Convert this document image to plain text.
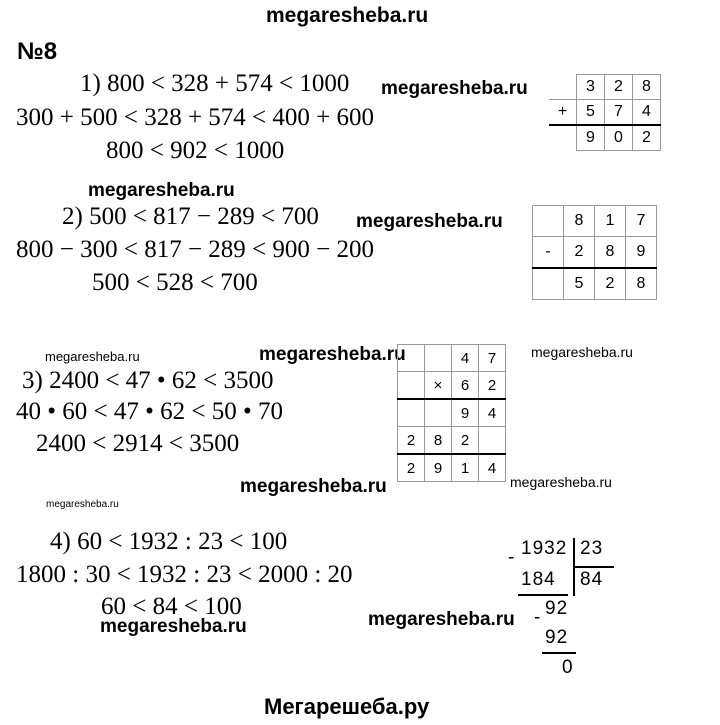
megaresheba.ru
Мегарешеба.ру
№8
1) 800 < 328 + 574 < 1000
300 + 500 < 328 + 574 < 400 + 600
800 < 902 < 1000
megaresheba.ru
		3	2	8
+	5	7	4
	9	0	2
megaresheba.ru
2) 500 < 817 − 289 < 700
800 − 300 < 817 − 289 < 900 − 200
500 < 528 < 700
megaresheba.ru
		8	1	7
-	2	8	9
	5	2	8
megaresheba.ru	megaresheba.ru	megaresheba.ru
3) 2400 < 47 • 62 < 3500
40 • 60 < 47 • 62 < 50 • 70
2400 < 2914 < 3500
		4	7
	×	6	2
		9	4
2	8	2	
2	9	1	4
megaresheba.ru	megaresheba.ru
megaresheba.ru
4) 60 < 1932 : 23 < 100
1800 : 30 < 1932 : 23 < 2000 : 20
60 < 84 < 100
megaresheba.ru	megaresheba.ru
- 1932 23
184 84
- 92
92
0
